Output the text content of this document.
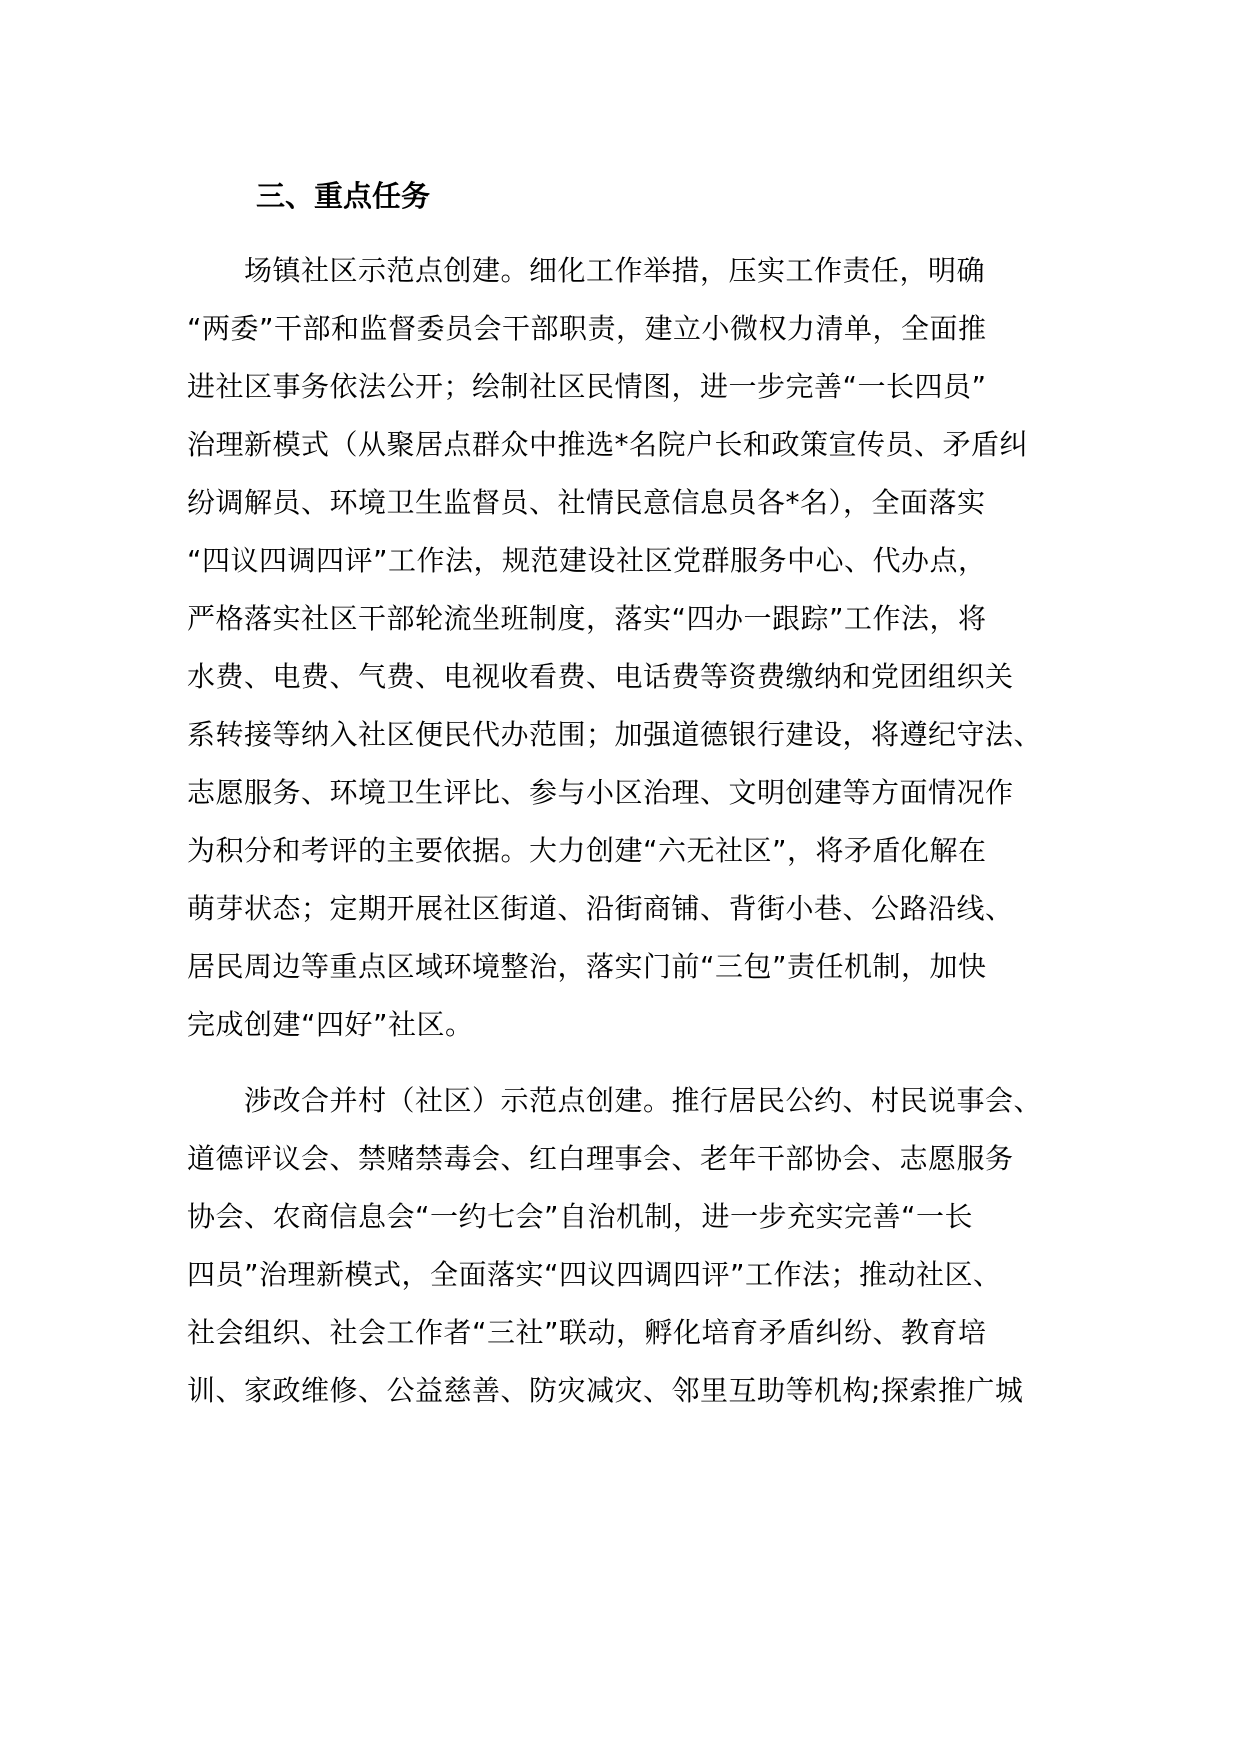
三、重点任务
　　场镇社区示范点创建。细化工作举措，压实工作责任，明确
“两委”干部和监督委员会干部职责，建立小微权力清单，全面推
进社区事务依法公开；绘制社区民情图，进一步完善“一长四员”
治理新模式（从聚居点群众中推选*名院户长和政策宣传员、矛盾纠
纷调解员、环境卫生监督员、社情民意信息员各*名），全面落实
“四议四调四评”工作法，规范建设社区党群服务中心、代办点，
严格落实社区干部轮流坐班制度，落实“四办一跟踪”工作法，将
水费、电费、气费、电视收看费、电话费等资费缴纳和党团组织关
系转接等纳入社区便民代办范围；加强道德银行建设，将遵纪守法、
志愿服务、环境卫生评比、参与小区治理、文明创建等方面情况作
为积分和考评的主要依据。大力创建“六无社区”，将矛盾化解在
萌芽状态；定期开展社区街道、沿街商铺、背街小巷、公路沿线、
居民周边等重点区域环境整治，落实门前“三包”责任机制，加快
完成创建“四好”社区。
　　涉改合并村（社区）示范点创建。推行居民公约、村民说事会、
道德评议会、禁赌禁毒会、红白理事会、老年干部协会、志愿服务
协会、农商信息会“一约七会”自治机制，进一步充实完善“一长
四员”治理新模式，全面落实“四议四调四评”工作法；推动社区、
社会组织、社会工作者“三社”联动，孵化培育矛盾纠纷、教育培
训、家政维修、公益慈善、防灾减灾、邻里互助等机构;探索推广城
